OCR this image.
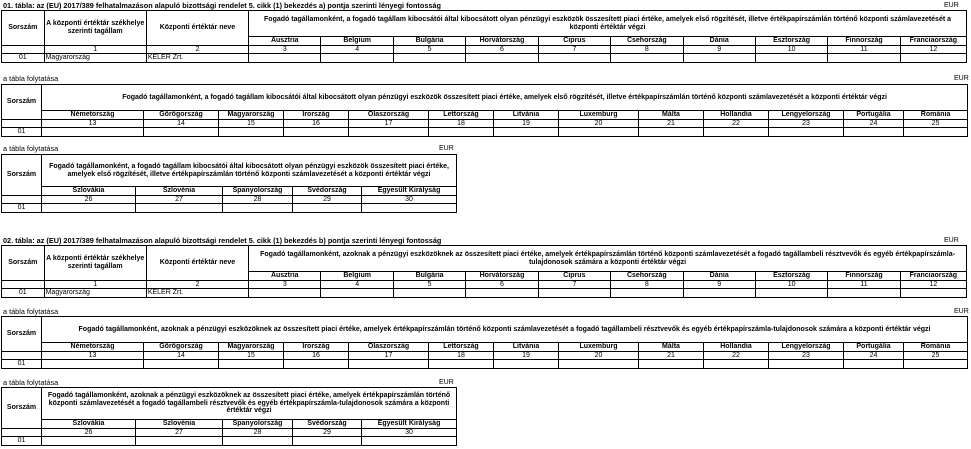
01. tábla: az (EU) 2017/389 felhatalmazáson alapuló bizottsági rendelet 5. cikk (1) bekezdés a) pontja szerinti lényegi fontosság	EUR
Sorszám	A központi értéktár székhelye szerinti tagállam	Központi értéktár neve	Fogadó tagállamonként, a fogadó tagállam kibocsátói által kibocsátott olyan pénzügyi eszközök összesített piaci értéke, amelyek első rögzítését, illetve értékpapírszámlán történő központi számlavezetését a központi értéktár végzi									
			Ausztria	Belgium	Bulgária	Horvátország	Ciprus	Csehország	Dánia	Észtország	Finnország	Franciaország
	1	2	3	4	5	6	7	8	9	10	11	12
01	Magyarország	KELER Zrt.										
a tábla folytatása	EUR
Sorszám	Fogadó tagállamonként, a fogadó tagállam kibocsátói által kibocsátott olyan pénzügyi eszközök összesített piaci értéke, amelyek első rögzítését, illetve értékpapírszámlán történő központi számlavezetését a központi értéktár végzi												
	Németország	Görögország	Magyarország	Írország	Olaszország	Lettország	Litvánia	Luxemburg	Málta	Hollandia	Lengyelország	Portugália	Románia
	13	14	15	16	17	18	19	20	21	22	23	24	25
01													
a tábla folytatása	EUR
Sorszám	Fogadó tagállamonként, a fogadó tagállam kibocsátói által kibocsátott olyan pénzügyi eszközök összesített piaci értéke, amelyek első rögzítését, illetve értékpapírszámlán történő központi számlavezetését a központi értéktár végzi				
	Szlovákia	Szlovénia	Spanyolország	Svédország	Egyesült Királyság
	26	27	28	29	30
01					
02. tábla: az (EU) 2017/389 felhatalmazáson alapuló bizottsági rendelet 5. cikk (1) bekezdés b) pontja szerinti lényegi fontosság	EUR
Sorszám	A központi értéktár székhelye szerinti tagállam	Központi értéktár neve	Fogadó tagállamonként, azoknak a pénzügyi eszközöknek az összesített piaci értéke, amelyek értékpapírszámlán történő központi számlavezetését a fogadó tagállambeli résztvevők és egyéb értékpapírszámla-tulajdonosok számára a központi értéktár végzi									
			Ausztria	Belgium	Bulgária	Horvátország	Ciprus	Csehország	Dánia	Észtország	Finnország	Franciaország
	1	2	3	4	5	6	7	8	9	10	11	12
01	Magyarország	KELER Zrt.										
a tábla folytatása	EUR
Sorszám	Fogadó tagállamonként, azoknak a pénzügyi eszközöknek az összesített piaci értéke, amelyek értékpapírszámlán történő központi számlavezetését a fogadó tagállambeli résztvevők és egyéb értékpapírszámla-tulajdonosok számára a központi értéktár végzi												
	Németország	Görögország	Magyarország	Írország	Olaszország	Lettország	Litvánia	Luxemburg	Málta	Hollandia	Lengyelország	Portugália	Románia
	13	14	15	16	17	18	19	20	21	22	23	24	25
01													
a tábla folytatása	EUR
Sorszám	Fogadó tagállamonként, azoknak a pénzügyi eszközöknek az összesített piaci értéke, amelyek értékpapírszámlán történő központi számlavezetését a fogadó tagállambeli résztvevők és egyéb értékpapírszámla-tulajdonosok számára a központi értéktár végzi				
	Szlovákia	Szlovénia	Spanyolország	Svédország	Egyesült Királyság
	26	27	28	29	30
01					
